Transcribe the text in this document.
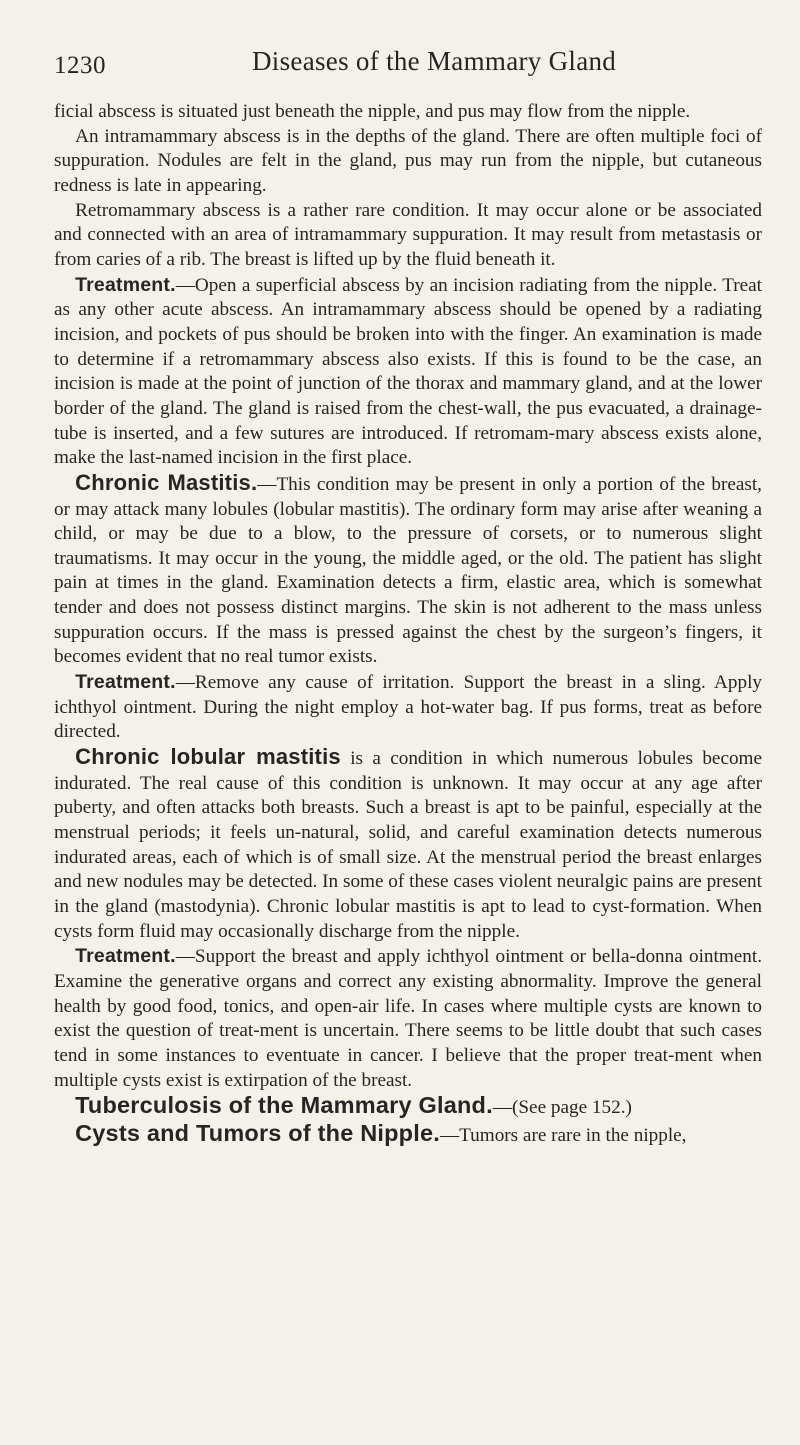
1230	Diseases of the Mammary Gland

ficial abscess is situated just beneath the nipple, and pus may flow from the nipple.

An intramammary abscess is in the depths of the gland. There are often multiple foci of suppuration. Nodules are felt in the gland, pus may run from the nipple, but cutaneous redness is late in appearing.

Retromammary abscess is a rather rare condition. It may occur alone or be associated and connected with an area of intramammary suppuration. It may result from metastasis or from caries of a rib. The breast is lifted up by the fluid beneath it.

Treatment.—Open a superficial abscess by an incision radiating from the nipple. Treat as any other acute abscess. An intramammary abscess should be opened by a radiating incision, and pockets of pus should be broken into with the finger. An examination is made to determine if a retromammary abscess also exists. If this is found to be the case, an incision is made at the point of junction of the thorax and mammary gland, and at the lower border of the gland. The gland is raised from the chest-wall, the pus evacuated, a drainage-tube is inserted, and a few sutures are introduced. If retromam-mary abscess exists alone, make the last-named incision in the first place.

Chronic Mastitis.—This condition may be present in only a portion of the breast, or may attack many lobules (lobular mastitis). The ordinary form may arise after weaning a child, or may be due to a blow, to the pressure of corsets, or to numerous slight traumatisms. It may occur in the young, the middle aged, or the old. The patient has slight pain at times in the gland. Examination detects a firm, elastic area, which is somewhat tender and does not possess distinct margins. The skin is not adherent to the mass unless suppuration occurs. If the mass is pressed against the chest by the surgeon’s fingers, it becomes evident that no real tumor exists.

Treatment.—Remove any cause of irritation. Support the breast in a sling. Apply ichthyol ointment. During the night employ a hot-water bag. If pus forms, treat as before directed.

Chronic lobular mastitis is a condition in which numerous lobules become indurated. The real cause of this condition is unknown. It may occur at any age after puberty, and often attacks both breasts. Such a breast is apt to be painful, especially at the menstrual periods; it feels un-natural, solid, and careful examination detects numerous indurated areas, each of which is of small size. At the menstrual period the breast enlarges and new nodules may be detected. In some of these cases violent neuralgic pains are present in the gland (mastodynia). Chronic lobular mastitis is apt to lead to cyst-formation. When cysts form fluid may occasionally discharge from the nipple.

Treatment.—Support the breast and apply ichthyol ointment or bella-donna ointment. Examine the generative organs and correct any existing abnormality. Improve the general health by good food, tonics, and open-air life. In cases where multiple cysts are known to exist the question of treat-ment is uncertain. There seems to be little doubt that such cases tend in some instances to eventuate in cancer. I believe that the proper treat-ment when multiple cysts exist is extirpation of the breast.

Tuberculosis of the Mammary Gland.—(See page 152.)

Cysts and Tumors of the Nipple.—Tumors are rare in the nipple,
